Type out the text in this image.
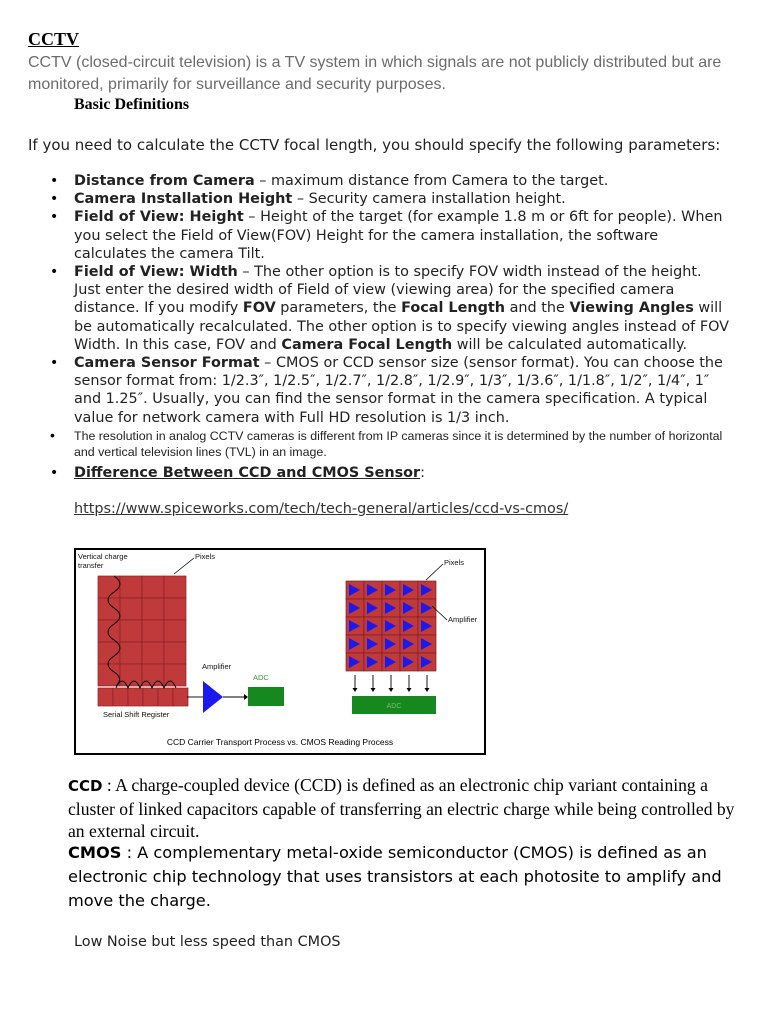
CCTV

CCTV (closed-circuit television) is a TV system in which signals are not publicly distributed but are monitored, primarily for surveillance and security purposes.

Basic Definitions

If you need to calculate the CCTV focal length, you should specify the following parameters:

• Distance from Camera – maximum distance from Camera to the target.
• Camera Installation Height – Security camera installation height.
• Field of View: Height – Height of the target (for example 1.8 m or 6ft for people). When you select the Field of View(FOV) Height for the camera installation, the software calculates the camera Tilt.
• Field of View: Width – The other option is to specify FOV width instead of the height. Just enter the desired width of Field of view (viewing area) for the specified camera distance. If you modify FOV parameters, the Focal Length and the Viewing Angles will be automatically recalculated. The other option is to specify viewing angles instead of FOV Width. In this case, FOV and Camera Focal Length will be calculated automatically.
• Camera Sensor Format – CMOS or CCD sensor size (sensor format). You can choose the sensor format from: 1/2.3″, 1/2.5″, 1/2.7″, 1/2.8″, 1/2.9″, 1/3″, 1/3.6″, 1/1.8″, 1/2″, 1/4″, 1″ and 1.25″. Usually, you can find the sensor format in the camera specification. A typical value for network camera with Full HD resolution is 1/3 inch.
• The resolution in analog CCTV cameras is different from IP cameras since it is determined by the number of horizontal and vertical television lines (TVL) in an image.
• Difference Between CCD and CMOS Sensor:
https://www.spiceworks.com/tech/tech-general/articles/ccd-vs-cmos/
Vertical charge
transfer
Pixels
Serial Shift Register
Amplifier
ADC
Pixels
Amplifier
ADC
CCD Carrier Transport Process vs. CMOS Reading Process

CCD : A charge-coupled device (CCD) is defined as an electronic chip variant containing a cluster of linked capacitors capable of transferring an electric charge while being controlled by an external circuit.

CMOS : A complementary metal-oxide semiconductor (CMOS) is defined as an electronic chip technology that uses transistors at each photosite to amplify and move the charge.

Low Noise but less speed than CMOS
